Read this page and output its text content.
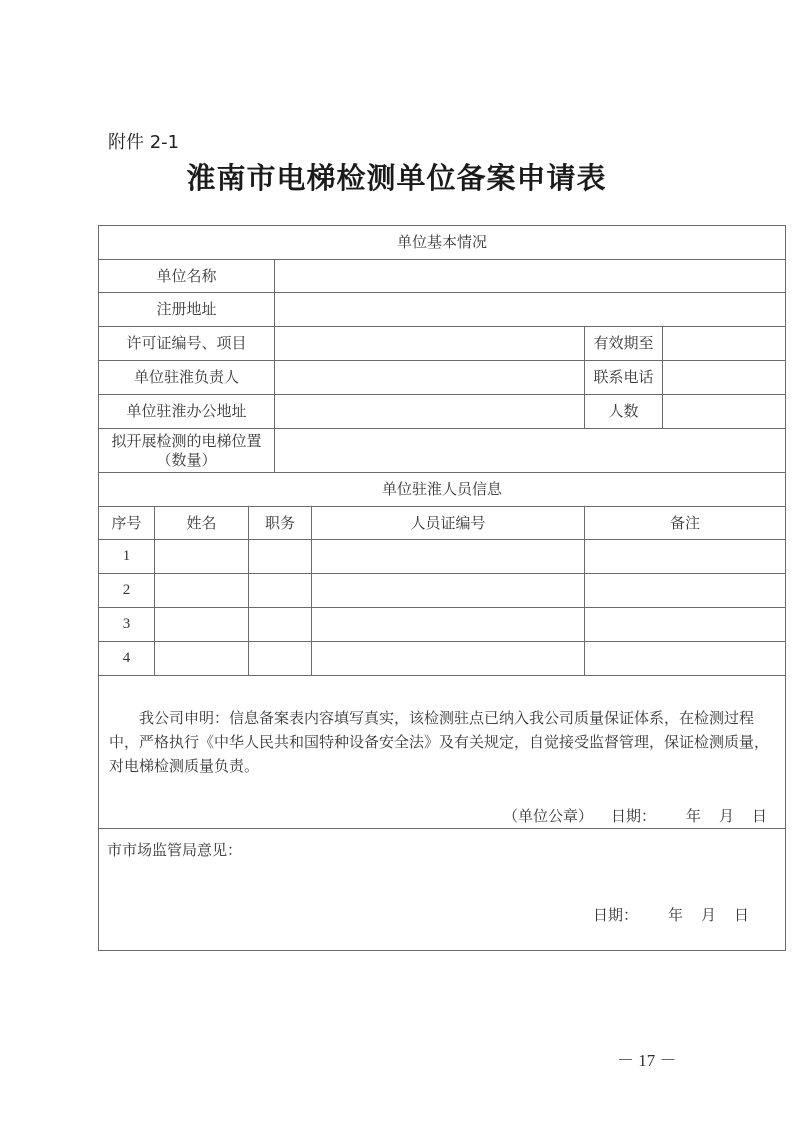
附件 2-1
淮南市电梯检测单位备案申请表
单位基本情况						
单位名称						
注册地址						
许可证编号、项目					有效期至	
单位驻淮负责人					联系电话	
单位驻淮办公地址					人数	

拟开展检测的电梯位置
（数量）						

单位驻淮人员信息						
序号	姓名	职务		人员证编号	备注	
1						
2						
3						
4						

我公司申明：信息备案表内容填写真实，该检测驻点已纳入我公司质量保证体系，在检测过程中，严格执行《中华人民共和国特种设备安全法》及有关规定，自觉接受监督管理，保证检测质量，对电梯检测质量负责。

（单位公章） 日期： 年 月 日						

市市场监管局意见：
日期： 年 月 日						
－ 17 －
